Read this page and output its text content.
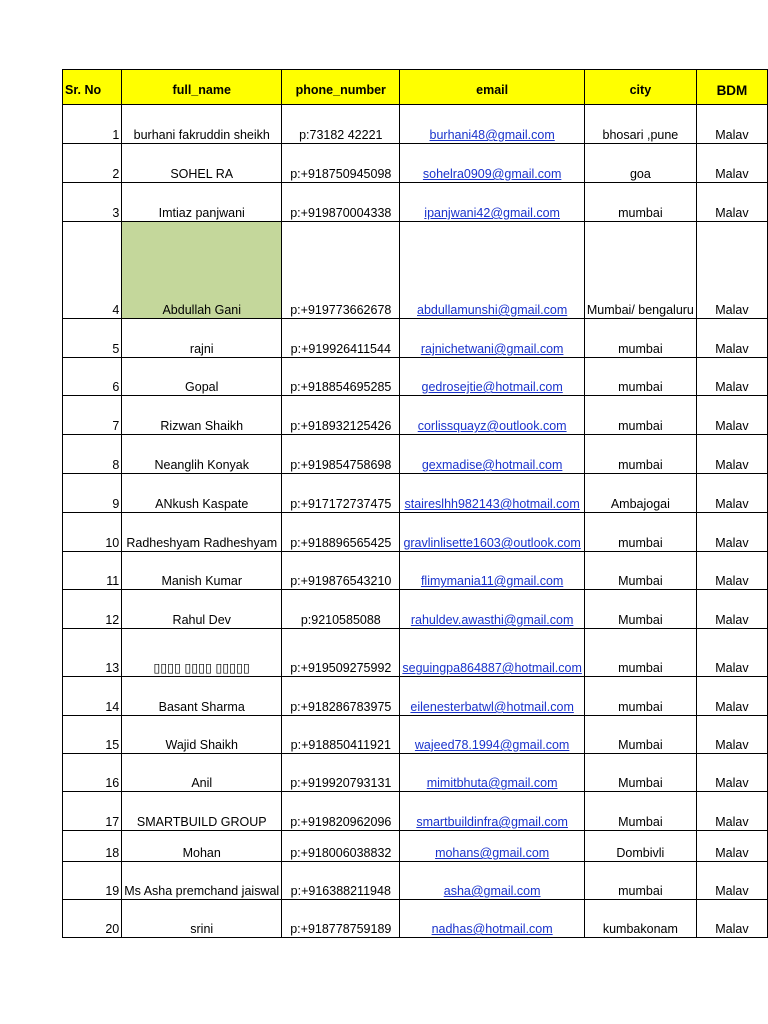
Sr. No	full_name	phone_number	email	city	BDM
1	burhani fakruddin sheikh	p:73182 42221	burhani48@gmail.com	bhosari ,pune	Malav
2	SOHEL RA	p:+918750945098	sohelra0909@gmail.com	goa	Malav
3	Imtiaz panjwani	p:+919870004338	ipanjwani42@gmail.com	mumbai	Malav
4	Abdullah Gani	p:+919773662678	abdullamunshi@gmail.com	Mumbai/ bengaluru	Malav
5	rajni	p:+919926411544	rajnichetwani@gmail.com	mumbai	Malav
6	Gopal	p:+918854695285	gedrosejtie@hotmail.com	mumbai	Malav
7	Rizwan Shaikh	p:+918932125426	corlissquayz@outlook.com	mumbai	Malav
8	Neanglih Konyak	p:+919854758698	gexmadise@hotmail.com	mumbai	Malav
9	ANkush Kaspate	p:+917172737475	staireslhh982143@hotmail.com	Ambajogai	Malav
10	Radheshyam Radheshyam	p:+918896565425	gravlinlisette1603@outlook.com	mumbai	Malav
11	Manish Kumar	p:+919876543210	flimymania11@gmail.com	Mumbai	Malav
12	Rahul Dev	p:9210585088	rahuldev.awasthi@gmail.com	Mumbai	Malav
13	▯▯▯▯ ▯▯▯▯ ▯▯▯▯▯	p:+919509275992	seguingpa864887@hotmail.com	mumbai	Malav
14	Basant Sharma	p:+918286783975	eilenesterbatwl@hotmail.com	mumbai	Malav
15	Wajid Shaikh	p:+918850411921	wajeed78.1994@gmail.com	Mumbai	Malav
16	Anil	p:+919920793131	mimitbhuta@gmail.com	Mumbai	Malav
17	SMARTBUILD GROUP	p:+919820962096	smartbuildinfra@gmail.com	Mumbai	Malav
18	Mohan	p:+918006038832	mohans@gmail.com	Dombivli	Malav
19	Ms Asha premchand jaiswal	p:+916388211948	asha@gmail.com	mumbai	Malav
20	srini	p:+918778759189	nadhas@hotmail.com	kumbakonam	Malav
